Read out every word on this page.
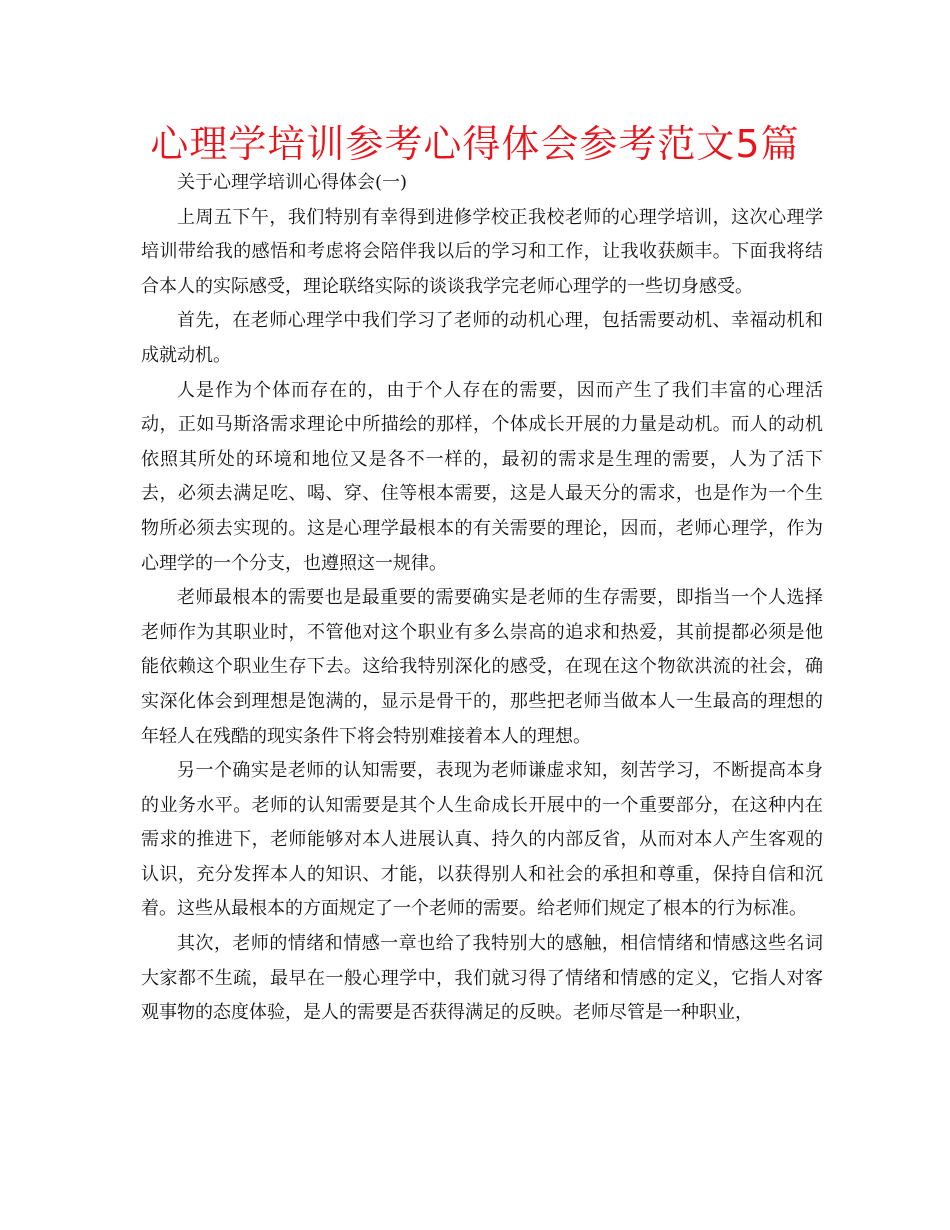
心理学培训参考心得体会参考范文5篇

关于心理学培训心得体会(一)

上周五下午，我们特别有幸得到进修学校正我校老师的心理学培训，这次心理学培训带给我的感悟和考虑将会陪伴我以后的学习和工作，让我收获颇丰。下面我将结合本人的实际感受，理论联络实际的谈谈我学完老师心理学的一些切身感受。

首先，在老师心理学中我们学习了老师的动机心理，包括需要动机、幸福动机和成就动机。

人是作为个体而存在的，由于个人存在的需要，因而产生了我们丰富的心理活动，正如马斯洛需求理论中所描绘的那样，个体成长开展的力量是动机。而人的动机依照其所处的环境和地位又是各不一样的，最初的需求是生理的需要，人为了活下去，必须去满足吃、喝、穿、住等根本需要，这是人最天分的需求，也是作为一个生物所必须去实现的。这是心理学最根本的有关需要的理论，因而，老师心理学，作为心理学的一个分支，也遵照这一规律。

老师最根本的需要也是最重要的需要确实是老师的生存需要，即指当一个人选择老师作为其职业时，不管他对这个职业有多么崇高的追求和热爱，其前提都必须是他能依赖这个职业生存下去。这给我特别深化的感受，在现在这个物欲洪流的社会，确实深化体会到理想是饱满的，显示是骨干的，那些把老师当做本人一生最高的理想的年轻人在残酷的现实条件下将会特别难接着本人的理想。

另一个确实是老师的认知需要，表现为老师谦虚求知，刻苦学习，不断提高本身的业务水平。老师的认知需要是其个人生命成长开展中的一个重要部分，在这种内在需求的推进下，老师能够对本人进展认真、持久的内部反省，从而对本人产生客观的认识，充分发挥本人的知识、才能，以获得别人和社会的承担和尊重，保持自信和沉着。这些从最根本的方面规定了一个老师的需要。给老师们规定了根本的行为标准。

其次，老师的情绪和情感一章也给了我特别大的感触，相信情绪和情感这些名词大家都不生疏，最早在一般心理学中，我们就习得了情绪和情感的定义，它指人对客观事物的态度体验，是人的需要是否获得满足的反映。老师尽管是一种职业，
